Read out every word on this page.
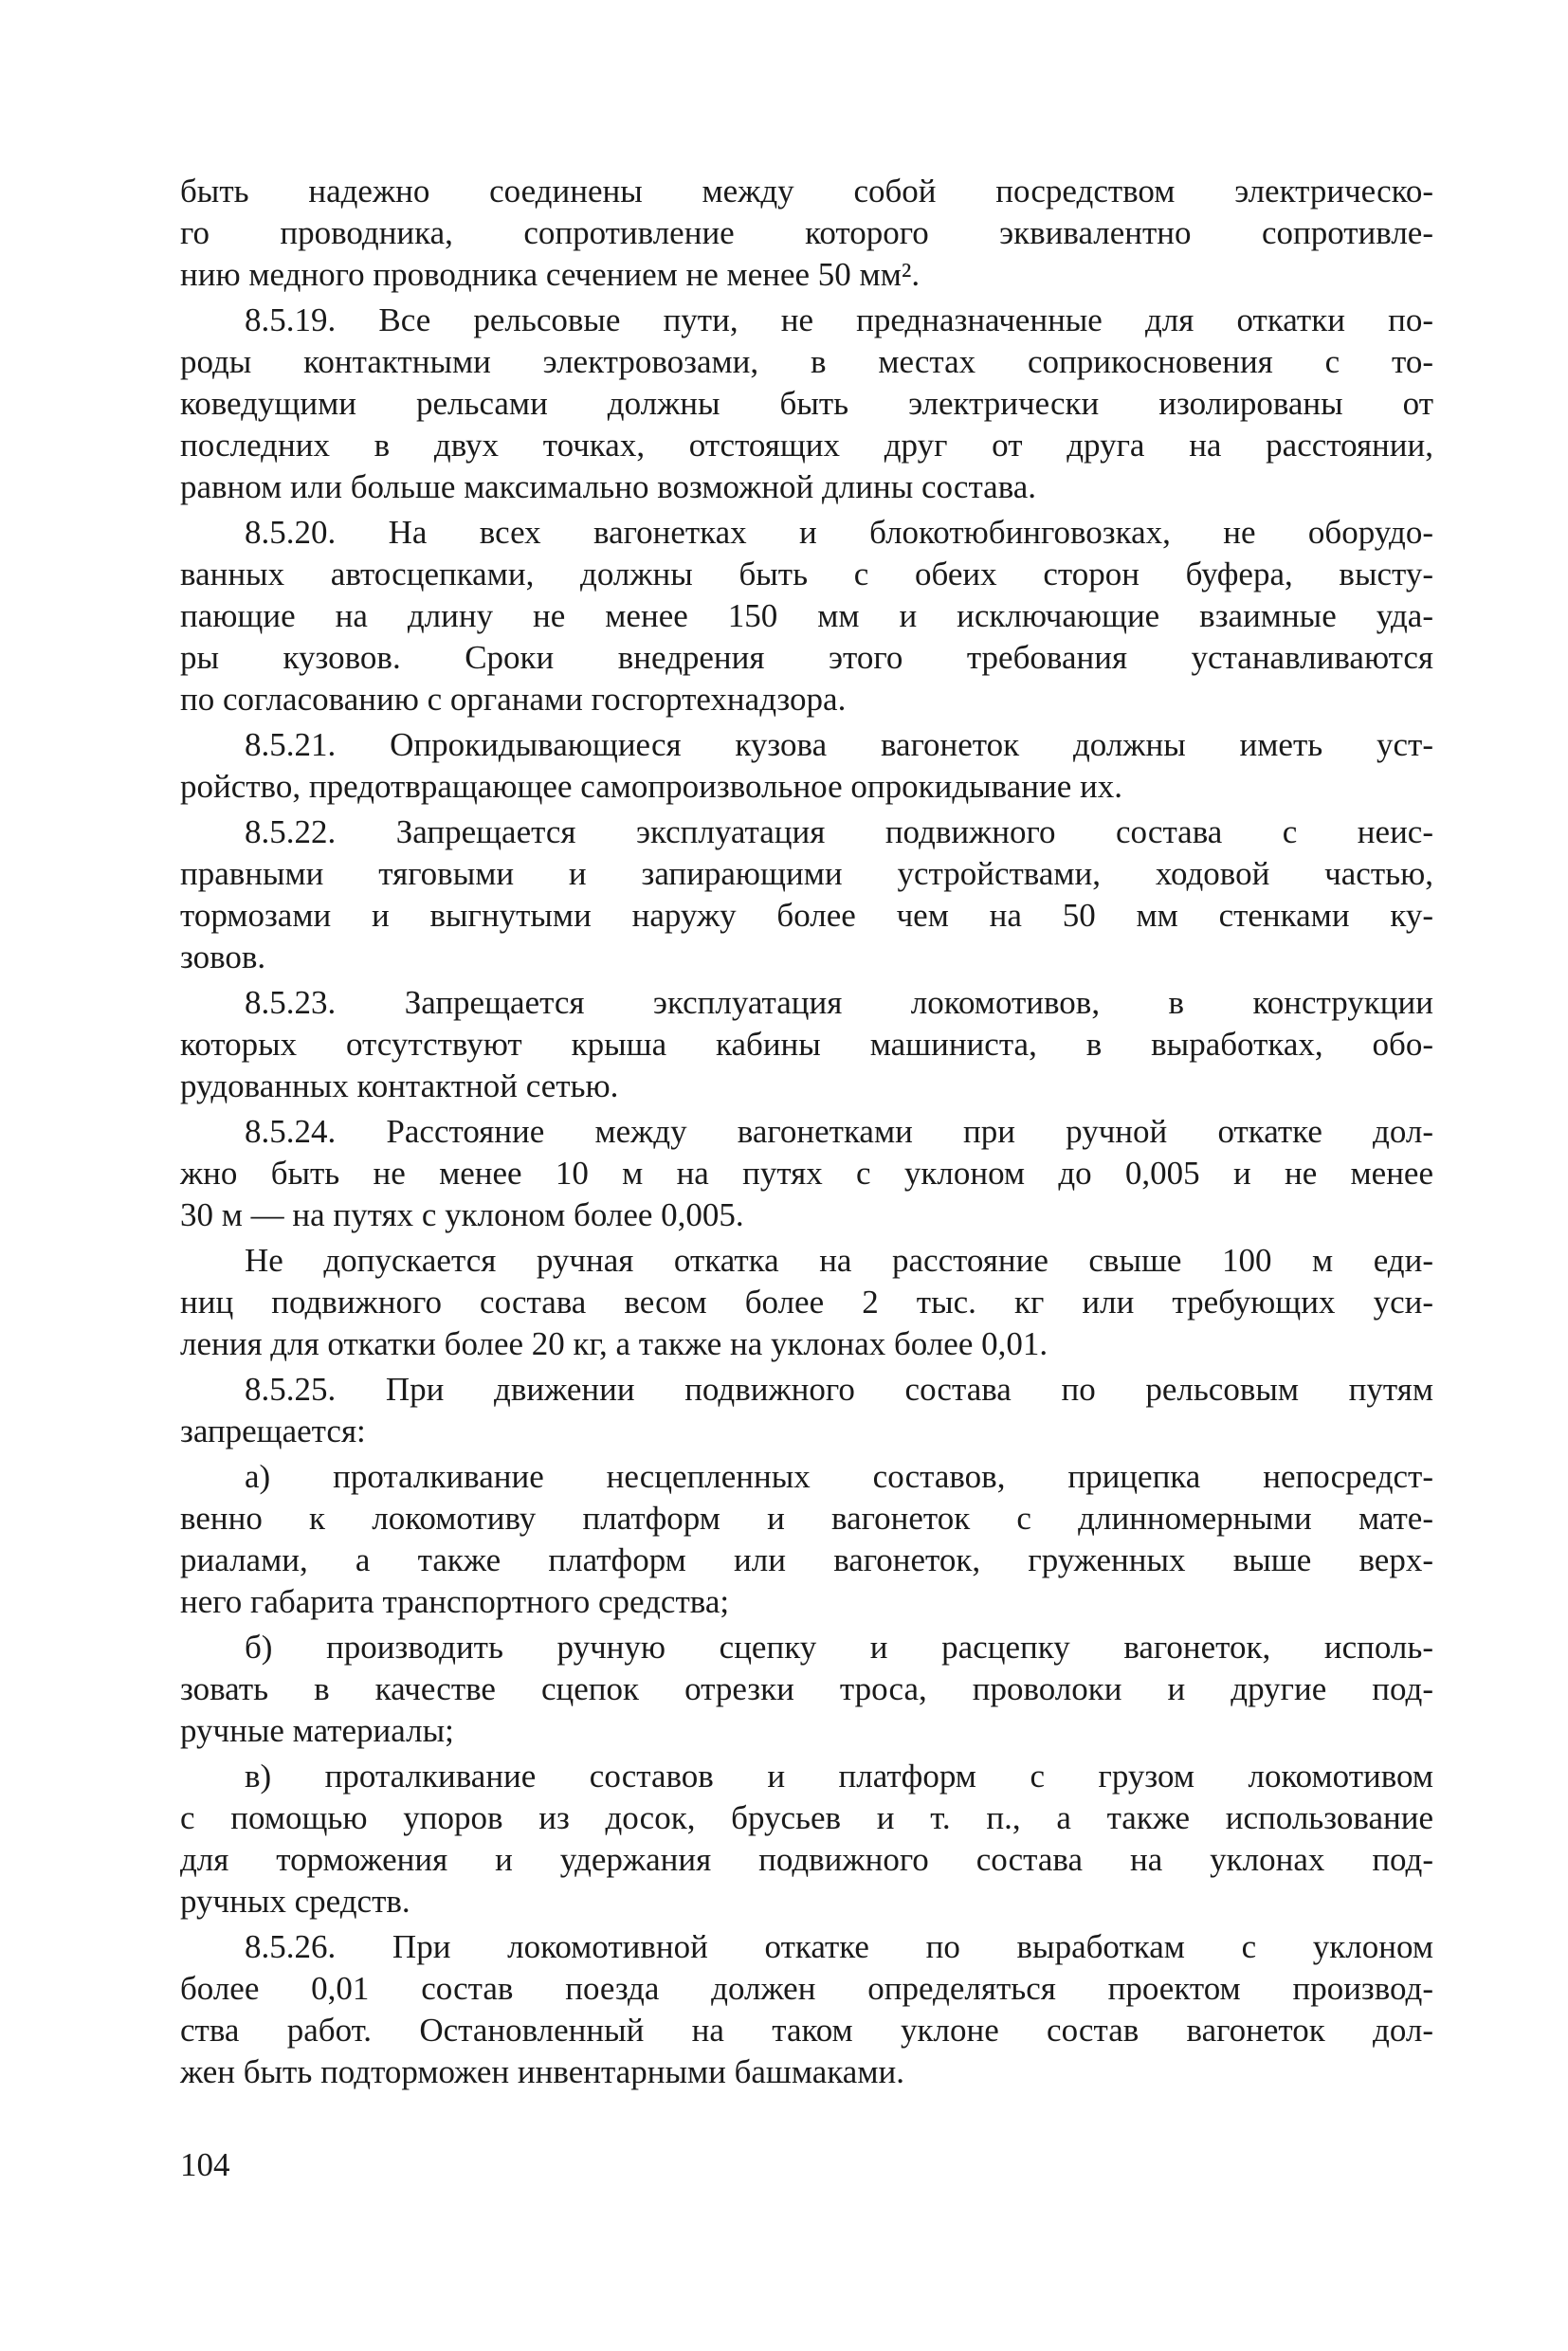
быть надежно соединены между собой посредством электрическо-
го проводника, сопротивление которого эквивалентно сопротивле-
нию медного проводника сечением не менее 50 мм².
8.5.19. Все рельсовые пути, не предназначенные для откатки по-
роды контактными электровозами, в местах соприкосновения с то-
коведущими рельсами должны быть электрически изолированы от
последних в двух точках, отстоящих друг от друга на расстоянии,
равном или больше максимально возможной длины состава.
8.5.20. На всех вагонетках и блокотюбинговозках, не оборудо-
ванных автосцепками, должны быть с обеих сторон буфера, высту-
пающие на длину не менее 150 мм и исключающие взаимные уда-
ры кузовов. Сроки внедрения этого требования устанавливаются
по согласованию с органами госгортехнадзора.
8.5.21. Опрокидывающиеся кузова вагонеток должны иметь уст-
ройство, предотвращающее самопроизвольное опрокидывание их.
8.5.22. Запрещается эксплуатация подвижного состава с неис-
правными тяговыми и запирающими устройствами, ходовой частью,
тормозами и выгнутыми наружу более чем на 50 мм стенками ку-
зовов.
8.5.23. Запрещается эксплуатация локомотивов, в конструкции
которых отсутствуют крыша кабины машиниста, в выработках, обо-
рудованных контактной сетью.
8.5.24. Расстояние между вагонетками при ручной откатке дол-
жно быть не менее 10 м на путях с уклоном до 0,005 и не менее
30 м — на путях с уклоном более 0,005.
Не допускается ручная откатка на расстояние свыше 100 м еди-
ниц подвижного состава весом более 2 тыс. кг или требующих уси-
ления для откатки более 20 кг, а также на уклонах более 0,01.
8.5.25. При движении подвижного состава по рельсовым путям
запрещается:
а) проталкивание несцепленных составов, прицепка непосредст-
венно к локомотиву платформ и вагонеток с длинномерными мате-
риалами, а также платформ или вагонеток, груженных выше верх-
него габарита транспортного средства;
б) производить ручную сцепку и расцепку вагонеток, исполь-
зовать в качестве сцепок отрезки троса, проволоки и другие под-
ручные материалы;
в) проталкивание составов и платформ с грузом локомотивом
с помощью упоров из досок, брусьев и т. п., а также использование
для торможения и удержания подвижного состава на уклонах под-
ручных средств.
8.5.26. При локомотивной откатке по выработкам с уклоном
более 0,01 состав поезда должен определяться проектом производ-
ства работ. Остановленный на таком уклоне состав вагонеток дол-
жен быть подторможен инвентарными башмаками.
104
